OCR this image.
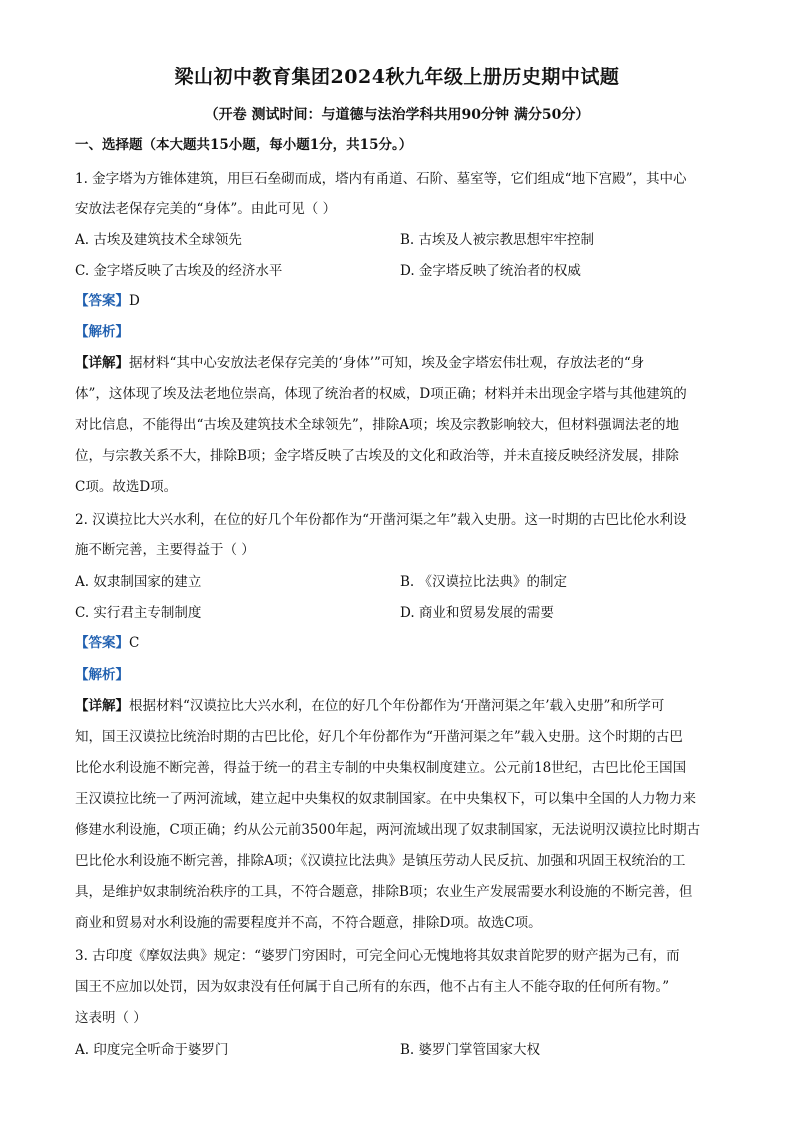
梁山初中教育集团2024秋九年级上册历史期中试题
（开卷 测试时间：与道德与法治学科共用90分钟 满分50分）
一、选择题（本大题共15小题，每小题1分，共15分。）
1. 金字塔为方锥体建筑，用巨石垒砌而成，塔内有甬道、石阶、墓室等，它们组成“地下宫殿”，其中心
安放法老保存完美的“身体”。由此可见（ ）
A. 古埃及建筑技术全球领先	B. 古埃及人被宗教思想牢牢控制
C. 金字塔反映了古埃及的经济水平	D. 金字塔反映了统治者的权威
【答案】D
【解析】
【详解】据材料“其中心安放法老保存完美的‘身体’”可知，埃及金字塔宏伟壮观，存放法老的“身
体”，这体现了埃及法老地位崇高，体现了统治者的权威，D项正确；材料并未出现金字塔与其他建筑的
对比信息，不能得出“古埃及建筑技术全球领先”，排除A项；埃及宗教影响较大，但材料强调法老的地
位，与宗教关系不大，排除B项；金字塔反映了古埃及的文化和政治等，并未直接反映经济发展，排除
C项。故选D项。
2. 汉谟拉比大兴水利，在位的好几个年份都作为“开凿河渠之年”载入史册。这一时期的古巴比伦水利设
施不断完善，主要得益于（ ）
A. 奴隶制国家的建立	B. 《汉谟拉比法典》的制定
C. 实行君主专制制度	D. 商业和贸易发展的需要
【答案】C
【解析】
【详解】根据材料“汉谟拉比大兴水利，在位的好几个年份都作为‘开凿河渠之年’载入史册”和所学可
知，国王汉谟拉比统治时期的古巴比伦，好几个年份都作为“开凿河渠之年”载入史册。这个时期的古巴
比伦水利设施不断完善，得益于统一的君主专制的中央集权制度建立。公元前18世纪，古巴比伦王国国
王汉谟拉比统一了两河流域，建立起中央集权的奴隶制国家。在中央集权下，可以集中全国的人力物力来
修建水利设施，C项正确；约从公元前3500年起，两河流域出现了奴隶制国家，无法说明汉谟拉比时期古
巴比伦水利设施不断完善，排除A项；《汉谟拉比法典》是镇压劳动人民反抗、加强和巩固王权统治的工
具，是维护奴隶制统治秩序的工具，不符合题意，排除B项；农业生产发展需要水利设施的不断完善，但
商业和贸易对水利设施的需要程度并不高，不符合题意，排除D项。故选C项。
3. 古印度《摩奴法典》规定：“婆罗门穷困时，可完全问心无愧地将其奴隶首陀罗的财产据为己有，而
国王不应加以处罚，因为奴隶没有任何属于自己所有的东西，他不占有主人不能夺取的任何所有物。”
这表明（ ）
A. 印度完全听命于婆罗门	B. 婆罗门掌管国家大权
